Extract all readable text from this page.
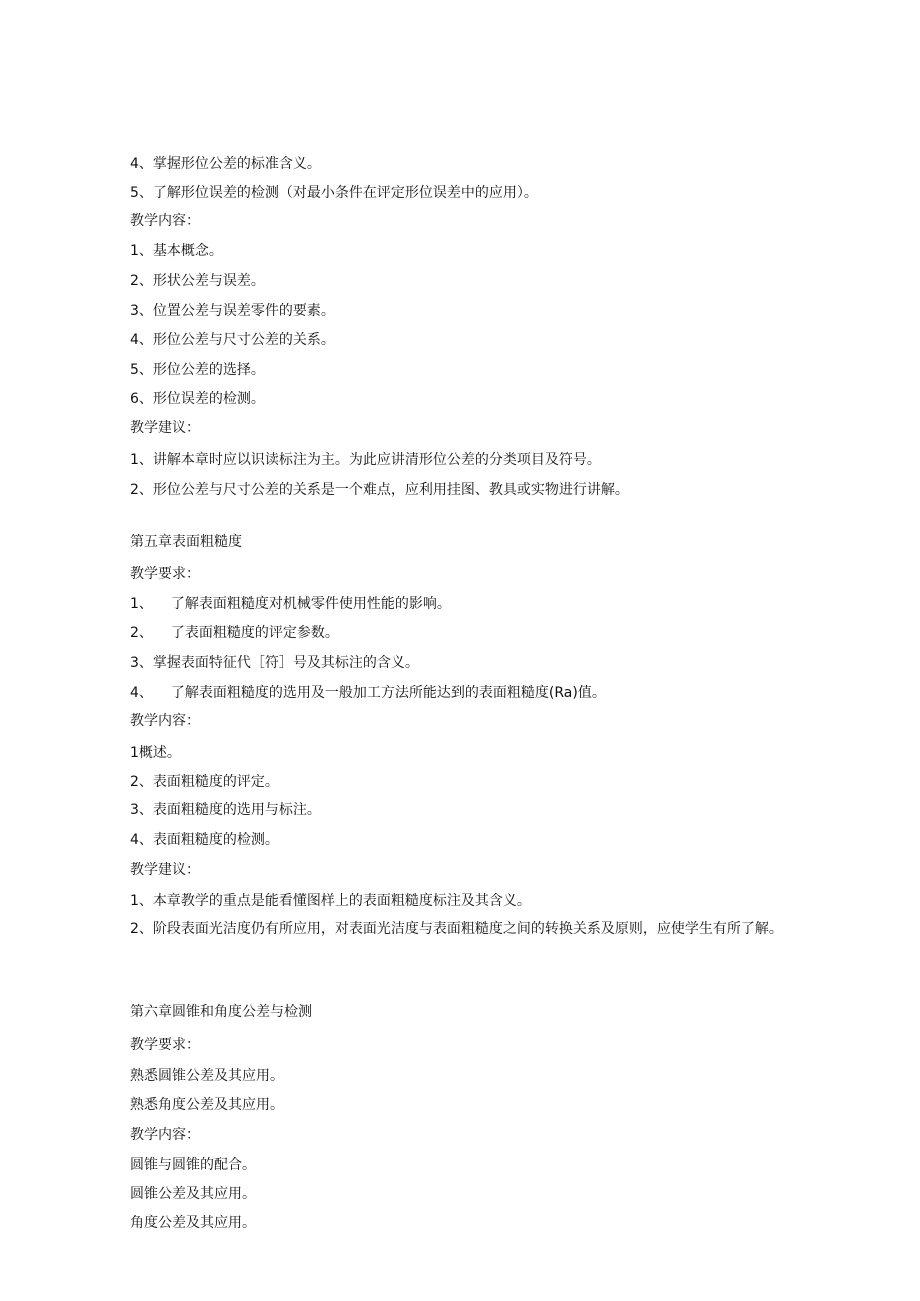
4、掌握形位公差的标准含义。
5、了解形位误差的检测（对最小条件在评定形位误差中的应用）。
教学内容：
1、基本概念。
2、形状公差与误差。
3、位置公差与误差零件的要素。
4、形位公差与尺寸公差的关系。
5、形位公差的选择。
6、形位误差的检测。
教学建议：
1、讲解本章时应以识读标注为主。为此应讲清形位公差的分类项目及符号。
2、形位公差与尺寸公差的关系是一个难点，应利用挂图、教具或实物进行讲解。
第五章表面粗糙度
教学要求：
1、 了解表面粗糙度对机械零件使用性能的影响。
2、 了表面粗糙度的评定参数。
3、掌握表面特征代［符］号及其标注的含义。
4、 了解表面粗糙度的选用及一般加工方法所能达到的表面粗糙度(Ra)值。
教学内容：
1概述。
2、表面粗糙度的评定。
3、表面粗糙度的选用与标注。
4、表面粗糙度的检测。
教学建议：
1、本章教学的重点是能看懂图样上的表面粗糙度标注及其含义。
2、阶段表面光洁度仍有所应用，对表面光洁度与表面粗糙度之间的转换关系及原则，应使学生有所了解。
第六章圆锥和角度公差与检测
教学要求：
熟悉圆锥公差及其应用。
熟悉角度公差及其应用。
教学内容：
圆锥与圆锥的配合。
圆锥公差及其应用。
角度公差及其应用。
